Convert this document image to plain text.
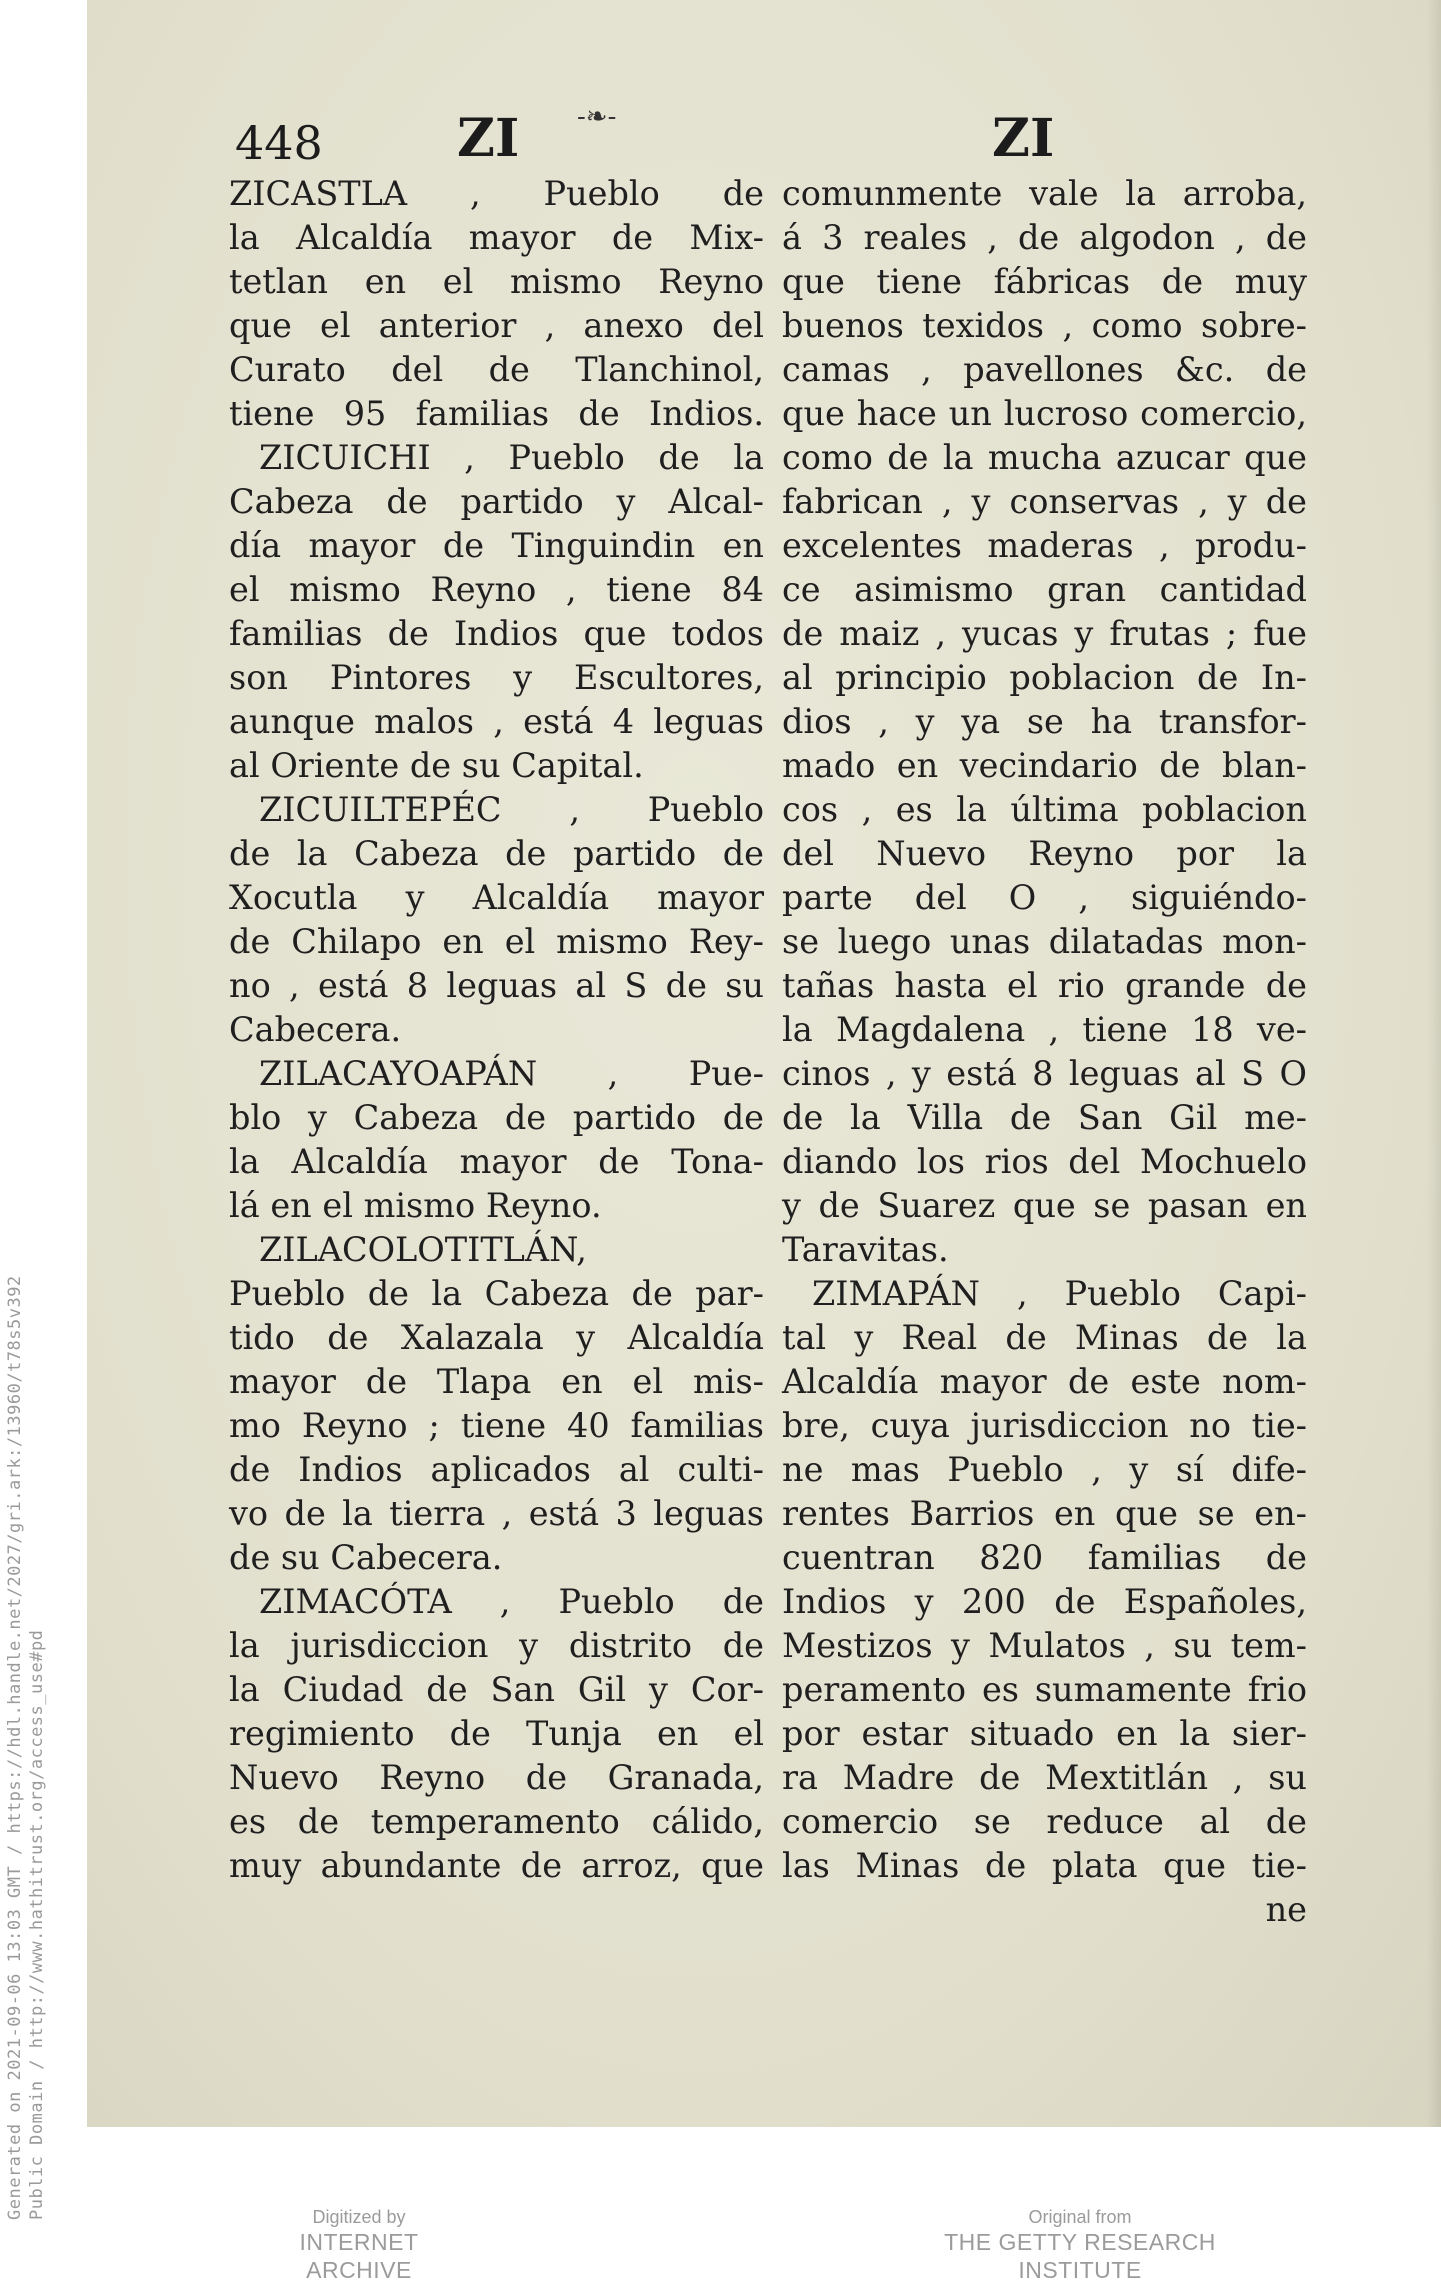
Generated on 2021-09-06 13:03 GMT / https://hdl.handle.net/2027/gri.ark:/13960/t78s5v392 Public Domain / http://www.hathitrust.org/access_use#pd
448	ZI -❧-	ZI
ZICASTLA , Pueblo de
la Alcaldía mayor de Mix-
tetlan en el mismo Reyno
que el anterior , anexo del
Curato del de Tlanchinol,
tiene 95 familias de Indios.
ZICUICHI , Pueblo de la
Cabeza de partido y Alcal-
día mayor de Tinguindin en
el mismo Reyno , tiene 84
familias de Indios que todos
son Pintores y Escultores,
aunque malos , está 4 leguas
al Oriente de su Capital.
ZICUILTEPÉC , Pueblo
de la Cabeza de partido de
Xocutla y Alcaldía mayor
de Chilapo en el mismo Rey-
no , está 8 leguas al S de su
Cabecera.
ZILACAYOAPÁN , Pue-
blo y Cabeza de partido de
la Alcaldía mayor de Tona-
lá en el mismo Reyno.
ZILACOLOTITLÁN,
Pueblo de la Cabeza de par-
tido de Xalazala y Alcaldía
mayor de Tlapa en el mis-
mo Reyno ; tiene 40 familias
de Indios aplicados al culti-
vo de la tierra , está 3 leguas
de su Cabecera.
ZIMACÓTA , Pueblo de
la jurisdiccion y distrito de
la Ciudad de San Gil y Cor-
regimiento de Tunja en el
Nuevo Reyno de Granada,
es de temperamento cálido,
muy abundante de arroz, que
comunmente vale la arroba,
á 3 reales , de algodon , de
que tiene fábricas de muy
buenos texidos , como sobre-
camas , pavellones &c. de
que hace un lucroso comercio,
como de la mucha azucar que
fabrican , y conservas , y de
excelentes maderas , produ-
ce asimismo gran cantidad
de maiz , yucas y frutas ; fue
al principio poblacion de In-
dios , y ya se ha transfor-
mado en vecindario de blan-
cos , es la última poblacion
del Nuevo Reyno por la
parte del O , siguiéndo-
se luego unas dilatadas mon-
tañas hasta el rio grande de
la Magdalena , tiene 18 ve-
cinos , y está 8 leguas al S O
de la Villa de San Gil me-
diando los rios del Mochuelo
y de Suarez que se pasan en
Taravitas.
ZIMAPÁN , Pueblo Capi-
tal y Real de Minas de la
Alcaldía mayor de este nom-
bre, cuya jurisdiccion no tie-
ne mas Pueblo , y sí dife-
rentes Barrios en que se en-
cuentran 820 familias de
Indios y 200 de Españoles,
Mestizos y Mulatos , su tem-
peramento es sumamente frio
por estar situado en la sier-
ra Madre de Mextitlán , su
comercio se reduce al de
las Minas de plata que tie-
ne
Digitized by
INTERNET ARCHIVE
Original from
THE GETTY RESEARCH INSTITUTE
